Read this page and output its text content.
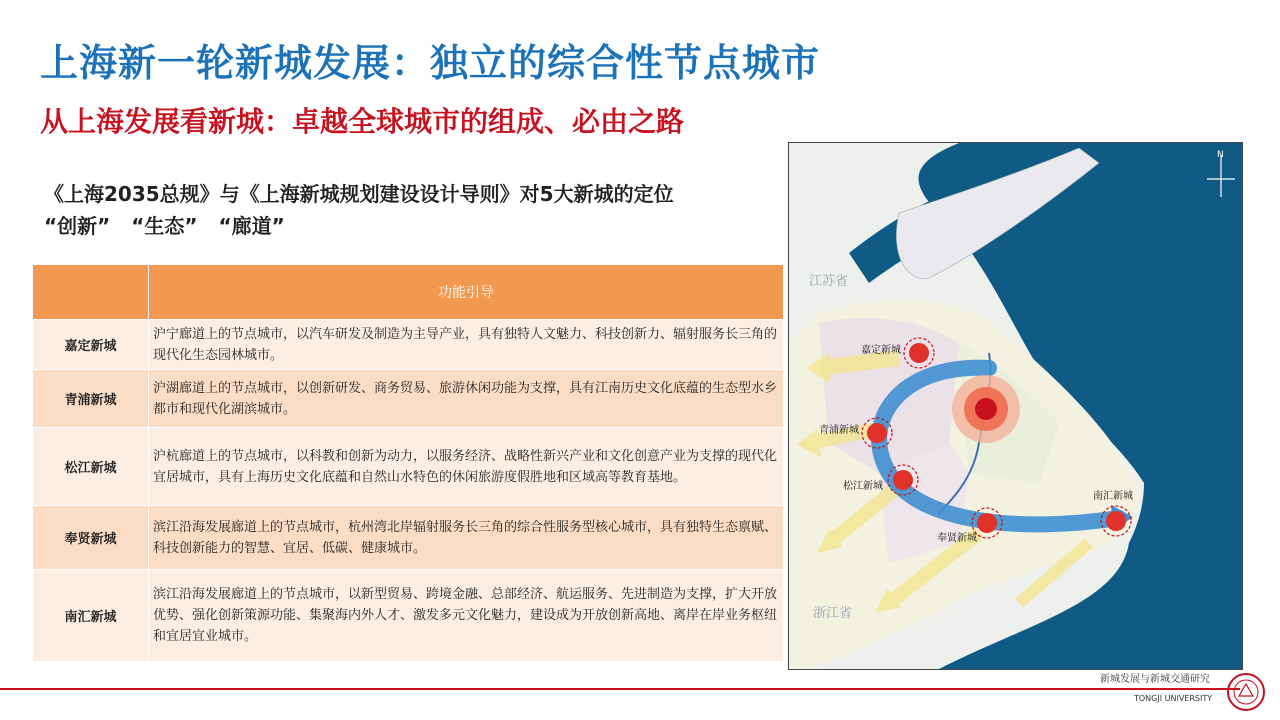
上海新一轮新城发展：独立的综合性节点城市
从上海发展看新城：卓越全球城市的组成、必由之路
《上海2035总规》与《上海新城规划建设设计导则》对5大新城的定位
“创新” “生态” “廊道”
	功能引导
嘉定新城	沪宁廊道上的节点城市，以汽车研发及制造为主导产业，具有独特人文魅力、科技创新力、辐射服务长三角的现代化生态园林城市。
青浦新城	沪湖廊道上的节点城市，以创新研发、商务贸易、旅游休闲功能为支撑，具有江南历史文化底蕴的生态型水乡都市和现代化湖滨城市。
松江新城	沪杭廊道上的节点城市，以科教和创新为动力，以服务经济、战略性新兴产业和文化创意产业为支撑的现代化宜居城市，具有上海历史文化底蕴和自然山水特色的休闲旅游度假胜地和区域高等教育基地。
奉贤新城	滨江沿海发展廊道上的节点城市，杭州湾北岸辐射服务长三角的综合性服务型核心城市，具有独特生态禀赋、科技创新能力的智慧、宜居、低碳、健康城市。
南汇新城	滨江沿海发展廊道上的节点城市，以新型贸易、跨境金融、总部经济、航运服务、先进制造为支撑，扩大开放优势、强化创新策源功能、集聚海内外人才、激发多元文化魅力，建设成为开放创新高地、离岸在岸业务枢纽和宜居宜业城市。
嘉定新城
青浦新城
松江新城
奉贤新城
南汇新城
江苏省
浙江省
N
新城发展与新城交通研究
TONGJI UNIVERSITY
